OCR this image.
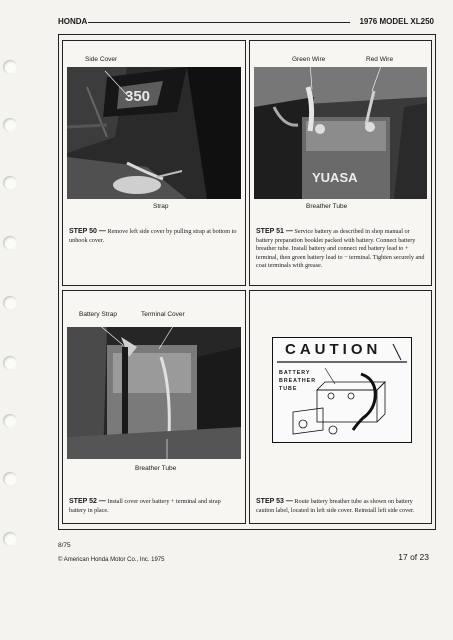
HONDA	1976 MODEL XL250
Side Cover
350
Strap
STEP 50 — Remove left side cover by pulling strap at bottom to unhook cover.
Green Wire	Red Wire
YUASA
Breather Tube
STEP 51 — Service battery as described in shop manual or battery preparation booklet packed with battery. Connect battery breather tube. Install battery and connect red battery lead to + terminal, then green battery lead to − terminal. Tighten securely and coat terminals with grease.
Battery Strap	Terminal Cover
Breather Tube
STEP 52 — Install cover over battery + terminal and strap battery in place.
CAUTION
BATTERY
BREATHER
TUBE
STEP 53 — Route battery breather tube as shown on battery caution label, located in left side cover. Reinstall left side cover.
8/75
© American Honda Motor Co., Inc. 1975	17 of 23
